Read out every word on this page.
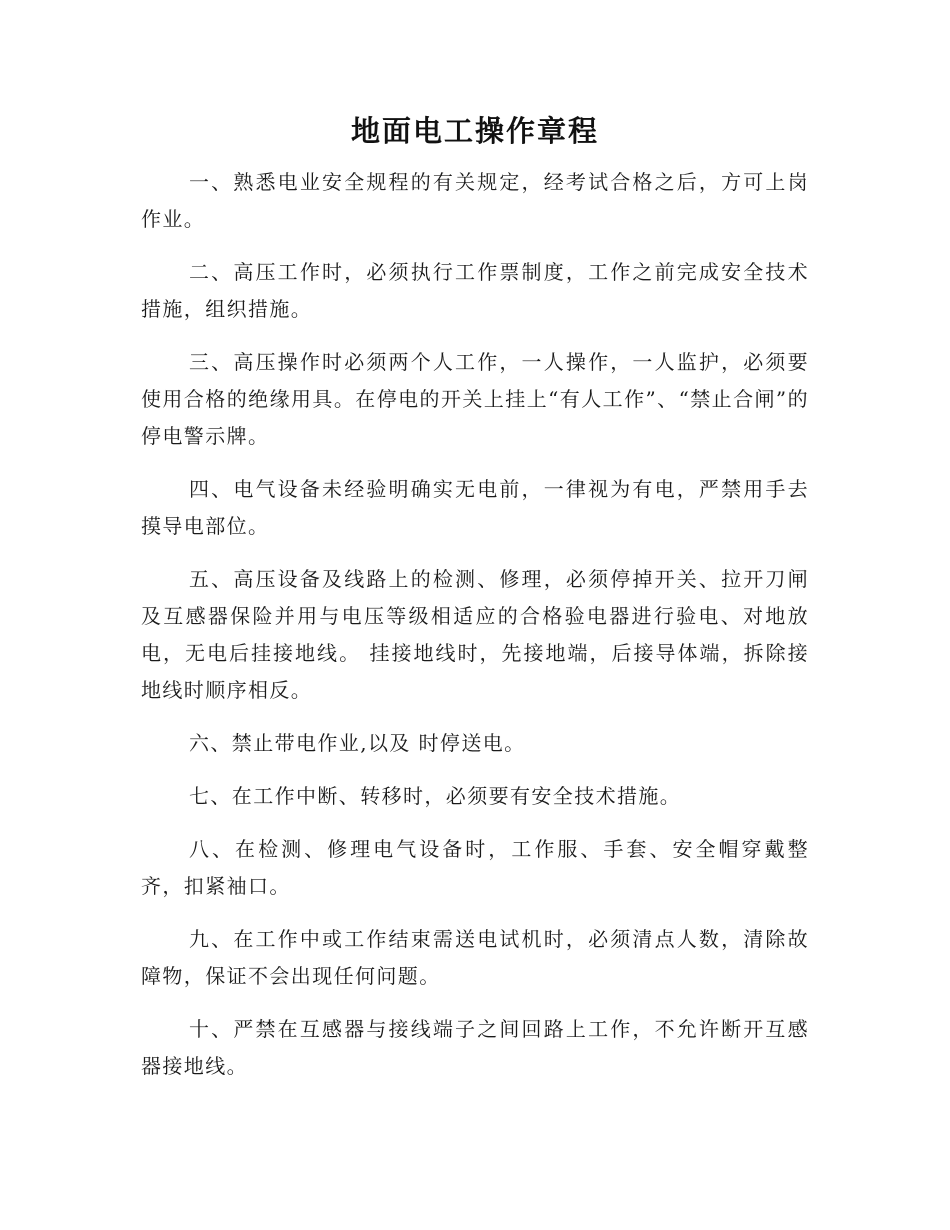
地面电工操作章程

一、熟悉电业安全规程的有关规定，经考试合格之后，方可上岗作业。

二、高压工作时，必须执行工作票制度，工作之前完成安全技术措施，组织措施。

三、高压操作时必须两个人工作，一人操作，一人监护，必须要使用合格的绝缘用具。在停电的开关上挂上“有人工作”、“禁止合闸”的停电警示牌。

四、电气设备未经验明确实无电前，一律视为有电，严禁用手去摸导电部位。

五、高压设备及线路上的检测、修理，必须停掉开关、拉开刀闸及互感器保险并用与电压等级相适应的合格验电器进行验电、对地放电，无电后挂接地线。 挂接地线时，先接地端，后接导体端，拆除接地线时顺序相反。

六、禁止带电作业,以及 时停送电。

七、在工作中断、转移时，必须要有安全技术措施。

八、在检测、修理电气设备时，工作服、手套、安全帽穿戴整齐，扣紧袖口。

九、在工作中或工作结束需送电试机时，必须清点人数，清除故障物，保证不会出现任何问题。

十、严禁在互感器与接线端子之间回路上工作，不允许断开互感器接地线。
